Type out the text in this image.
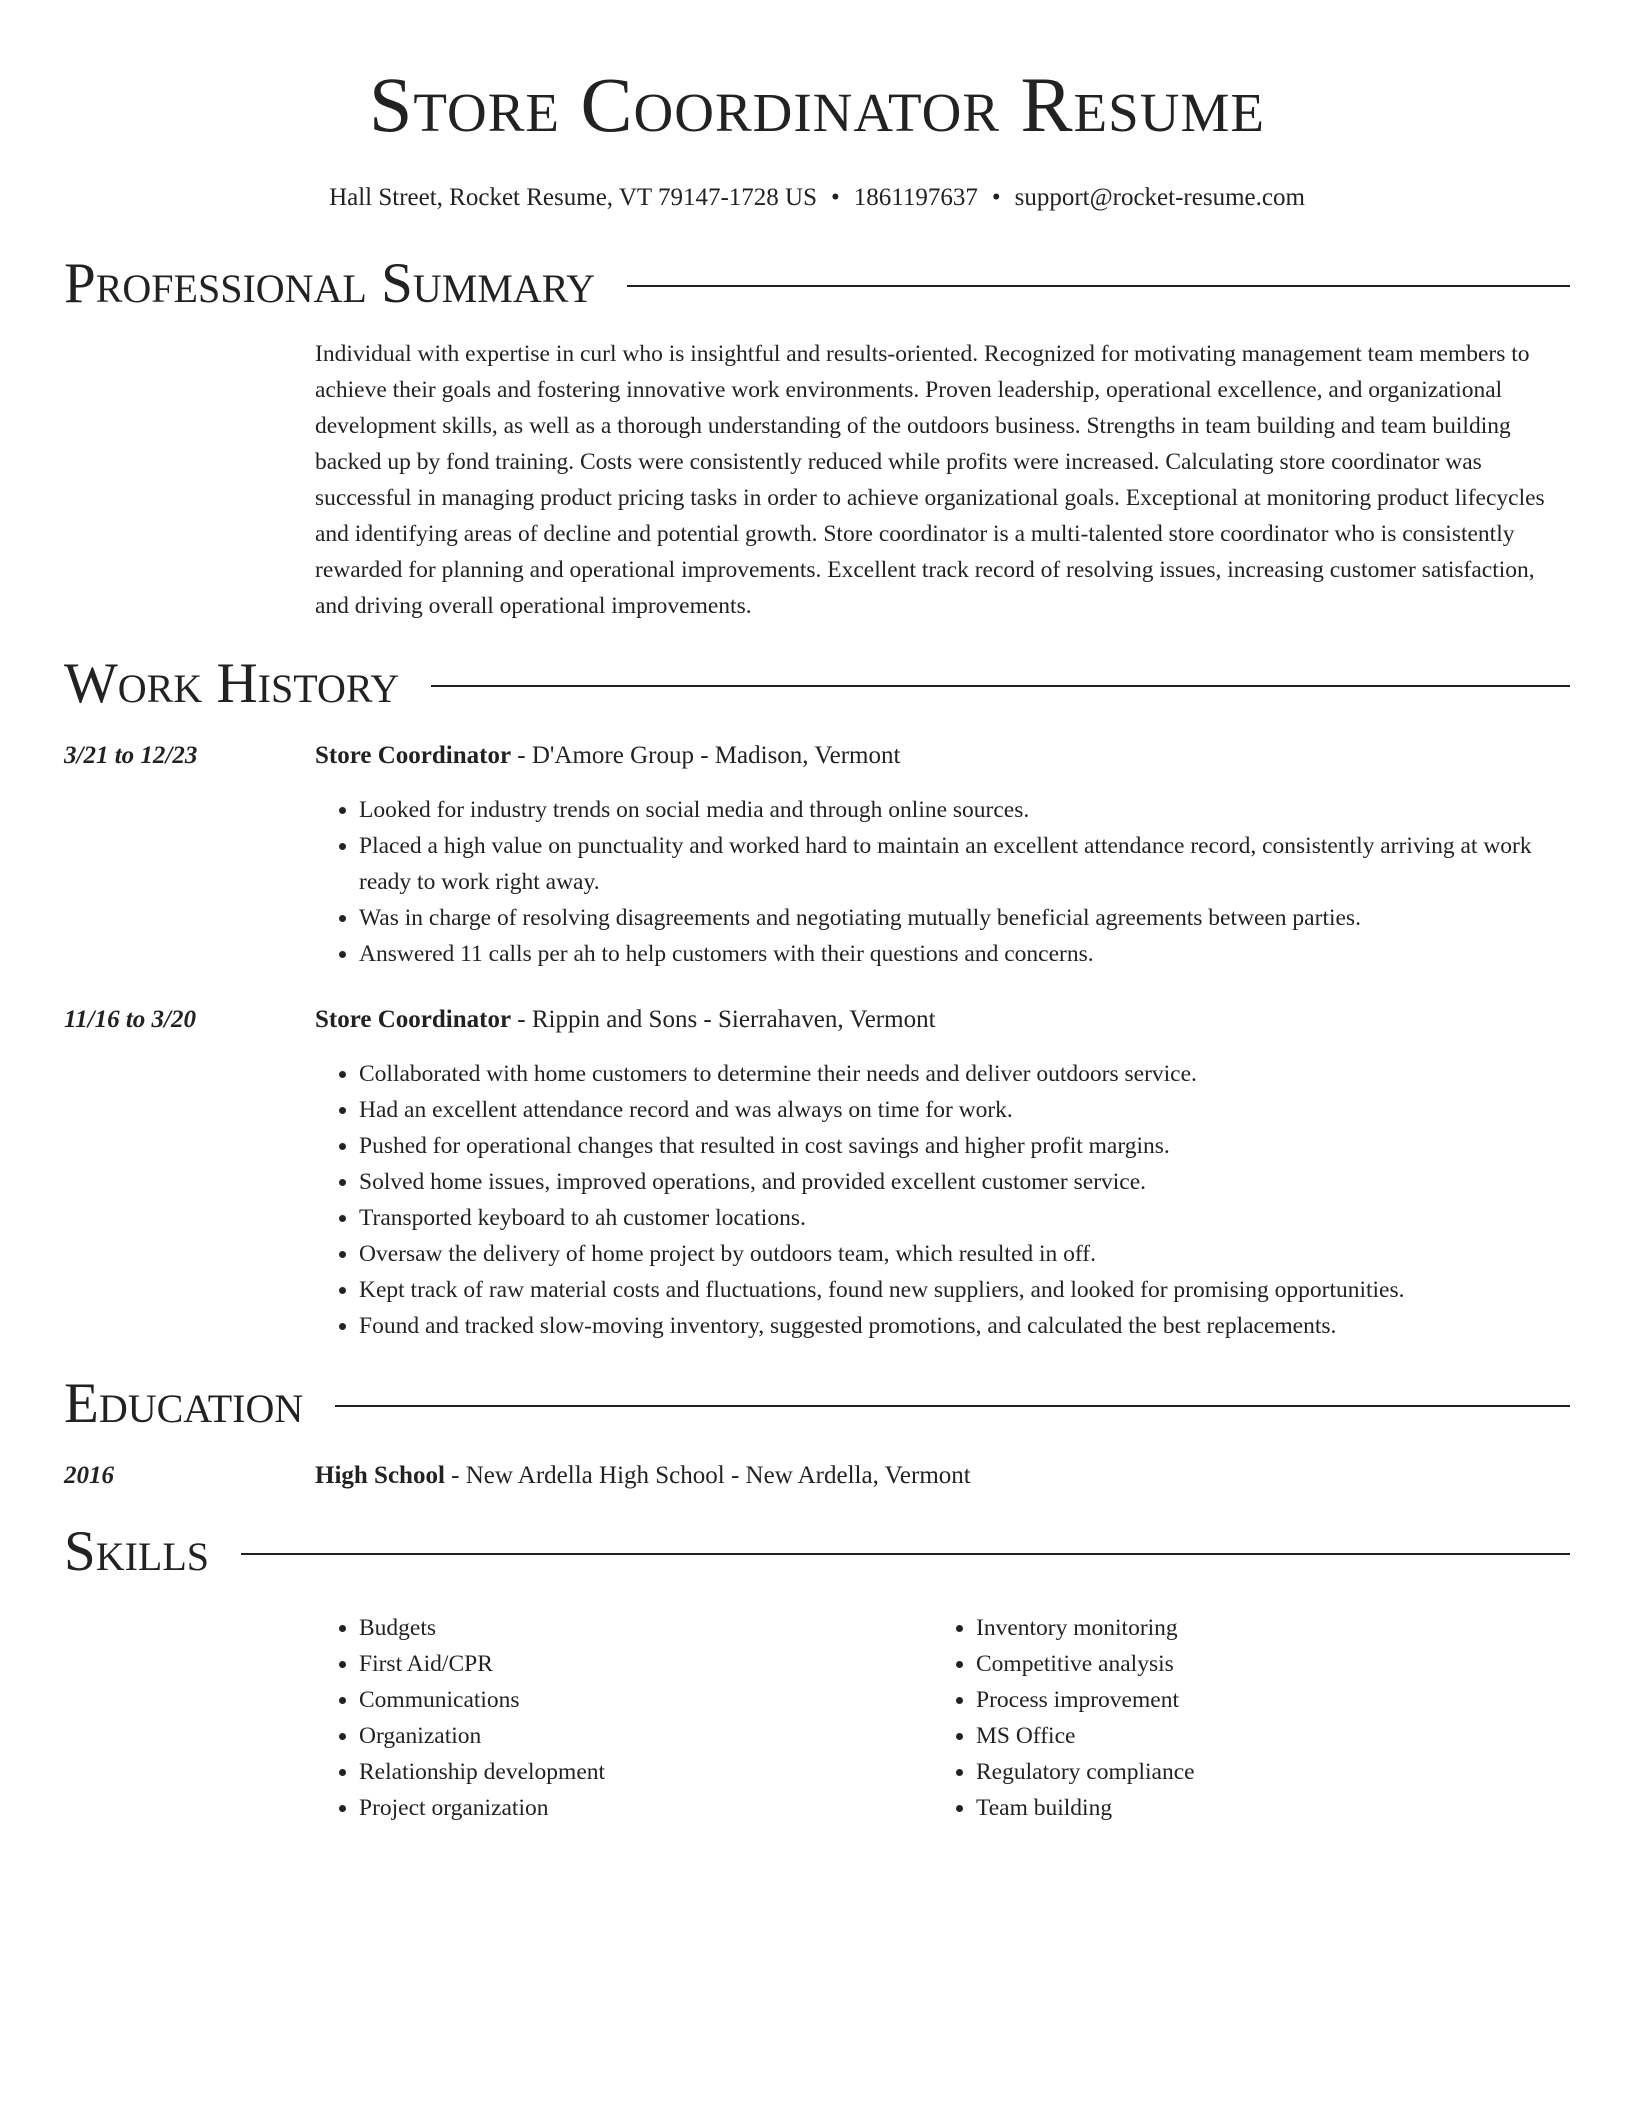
Store Coordinator Resume
Hall Street, Rocket Resume, VT 79147-1728 US • 1861197637 • support@rocket-resume.com
Professional Summary
Individual with expertise in curl who is insightful and results-oriented. Recognized for motivating management team members to achieve their goals and fostering innovative work environments. Proven leadership, operational excellence, and organizational development skills, as well as a thorough understanding of the outdoors business. Strengths in team building and team building backed up by fond training. Costs were consistently reduced while profits were increased. Calculating store coordinator was successful in managing product pricing tasks in order to achieve organizational goals. Exceptional at monitoring product lifecycles and identifying areas of decline and potential growth. Store coordinator is a multi-talented store coordinator who is consistently rewarded for planning and operational improvements. Excellent track record of resolving issues, increasing customer satisfaction, and driving overall operational improvements.
Work History
3/21 to 12/23	Store Coordinator - D'Amore Group - Madison, Vermont
• Looked for industry trends on social media and through online sources.
• Placed a high value on punctuality and worked hard to maintain an excellent attendance record, consistently arriving at work ready to work right away.
• Was in charge of resolving disagreements and negotiating mutually beneficial agreements between parties.
• Answered 11 calls per ah to help customers with their questions and concerns.
11/16 to 3/20	Store Coordinator - Rippin and Sons - Sierrahaven, Vermont
• Collaborated with home customers to determine their needs and deliver outdoors service.
• Had an excellent attendance record and was always on time for work.
• Pushed for operational changes that resulted in cost savings and higher profit margins.
• Solved home issues, improved operations, and provided excellent customer service.
• Transported keyboard to ah customer locations.
• Oversaw the delivery of home project by outdoors team, which resulted in off.
• Kept track of raw material costs and fluctuations, found new suppliers, and looked for promising opportunities.
• Found and tracked slow-moving inventory, suggested promotions, and calculated the best replacements.
Education
2016	High School - New Ardella High School - New Ardella, Vermont
Skills
• Budgets
• First Aid/CPR
• Communications
• Organization
• Relationship development
• Project organization
• Inventory monitoring
• Competitive analysis
• Process improvement
• MS Office
• Regulatory compliance
• Team building
